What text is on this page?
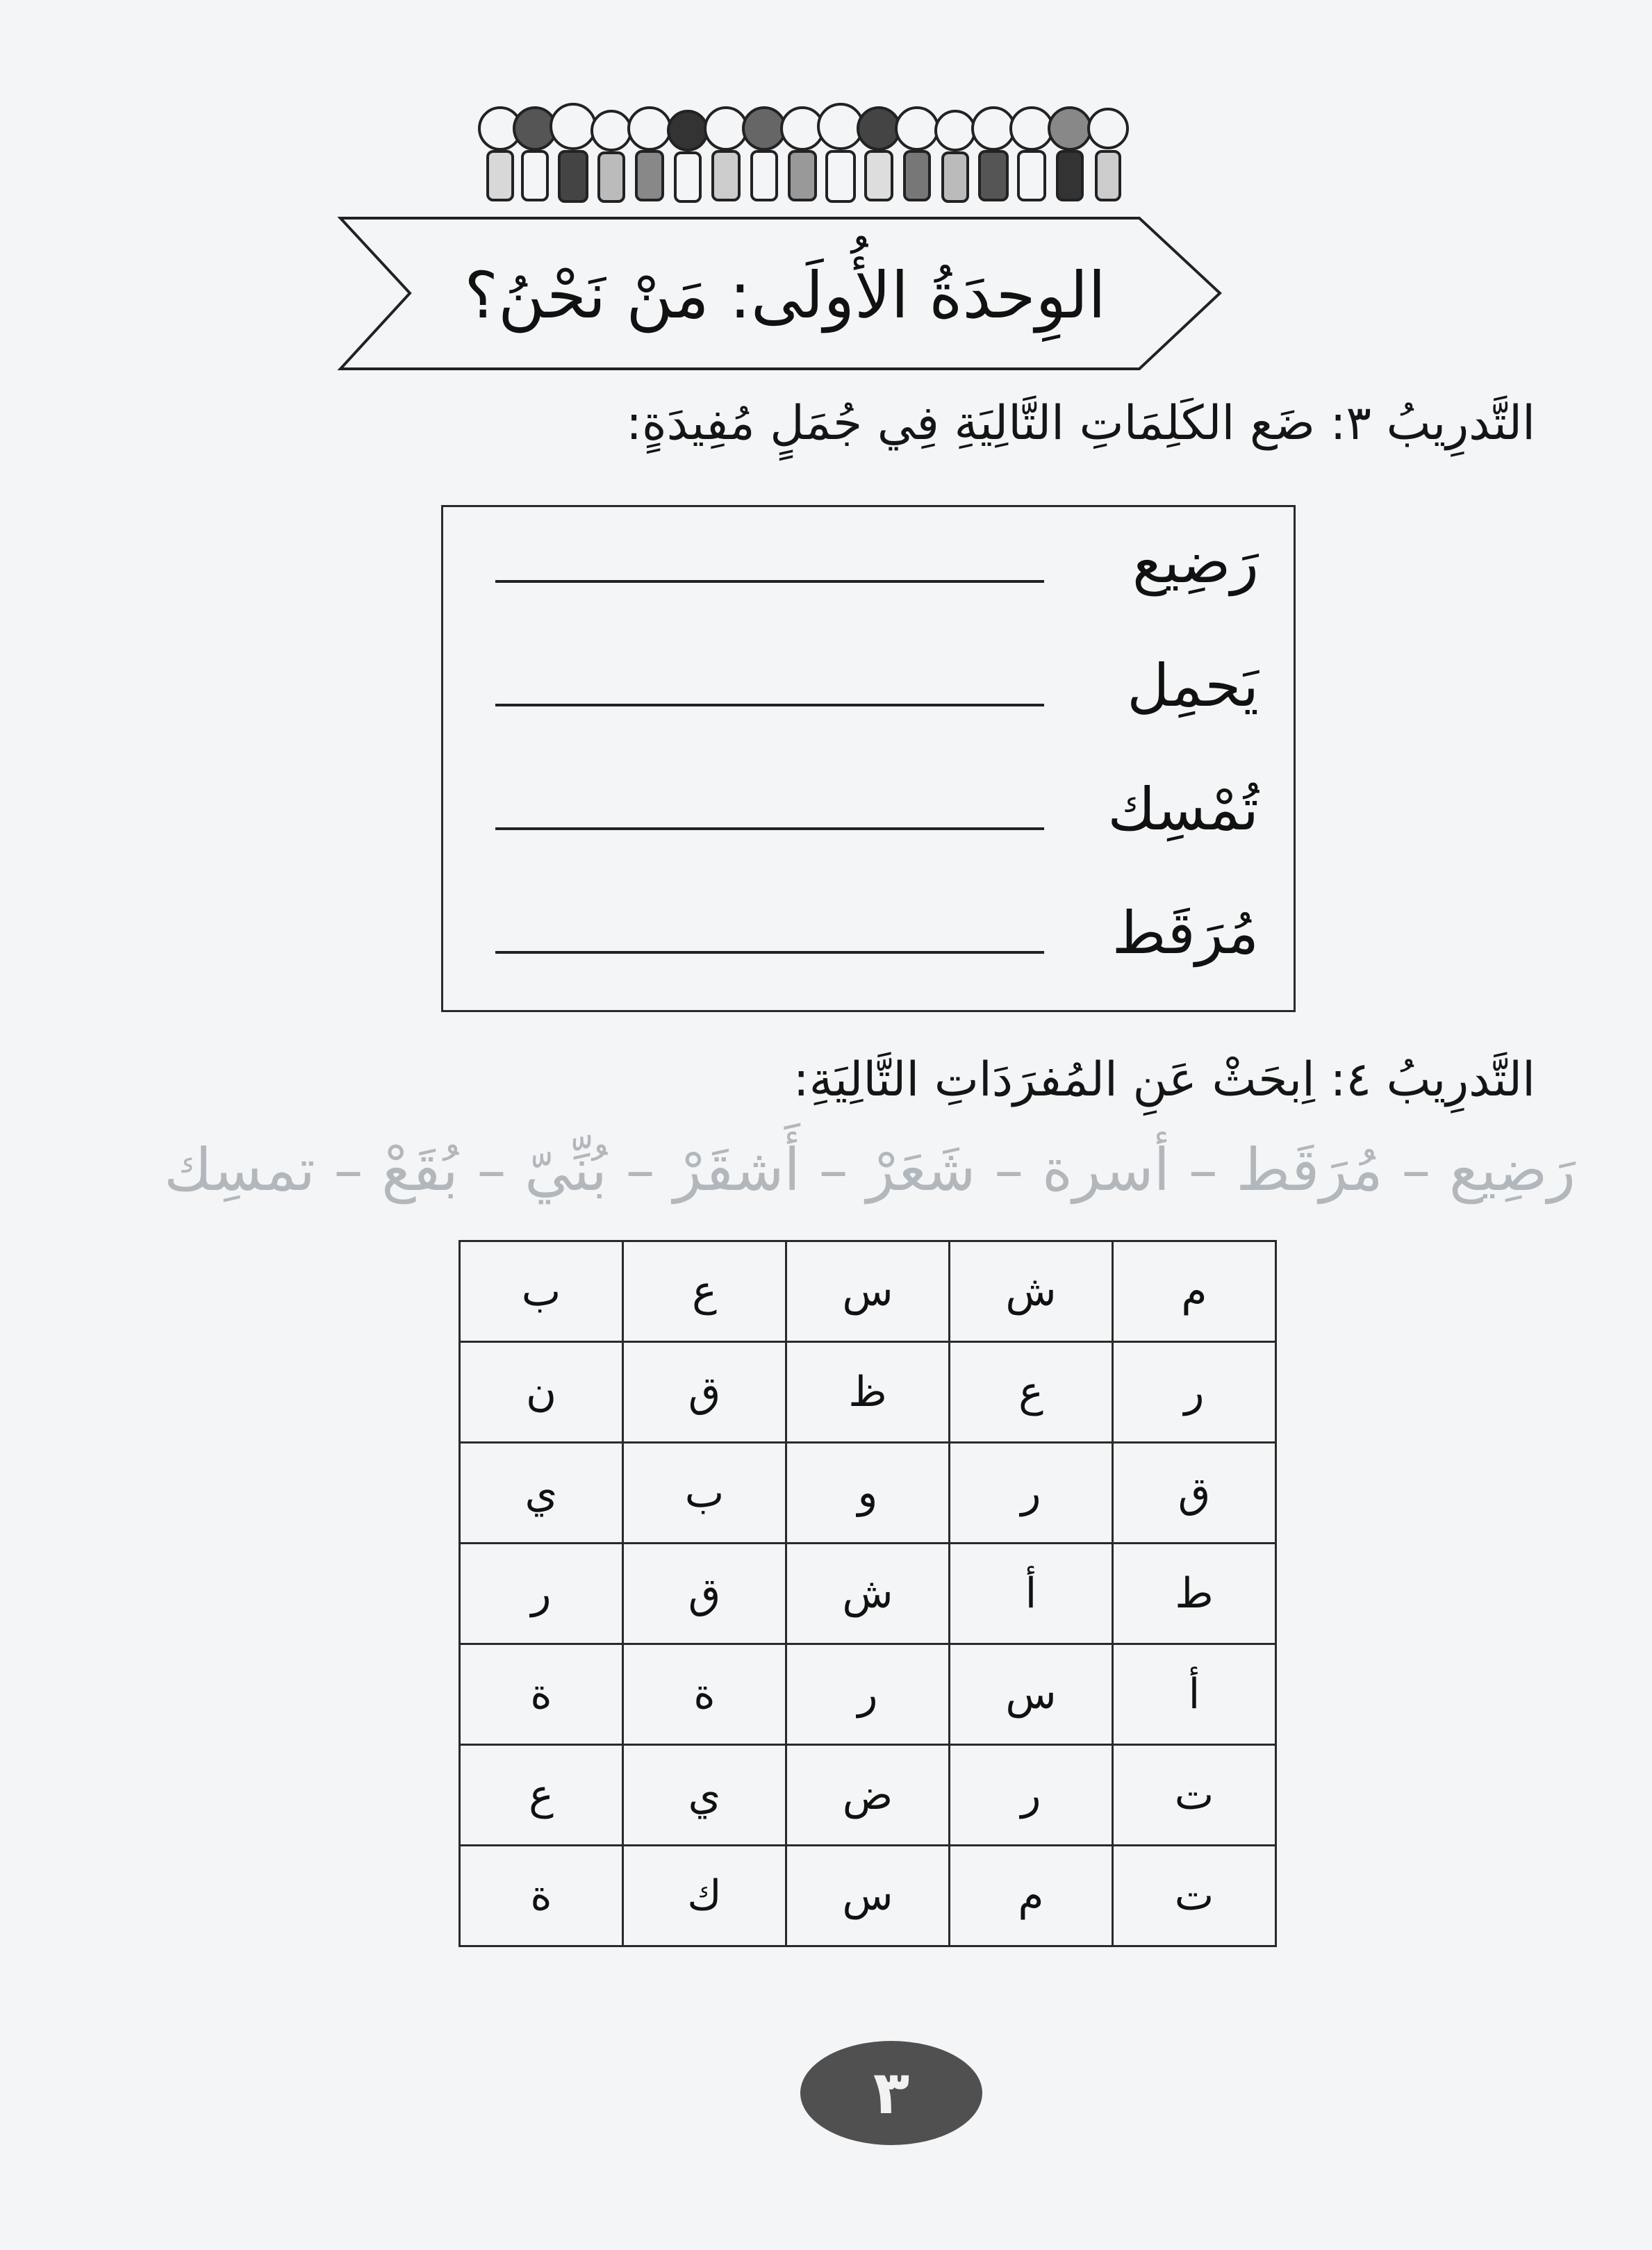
الوِحدَةُ الأُولَى: مَنْ نَحْنُ؟
التَّدرِيبُ ٣: ضَع الكَلِمَاتِ التَّالِيَةِ فِي جُمَلٍ مُفِيدَةٍ:
رَضِيع
يَحمِل
تُمْسِك
مُرَقَط
التَّدرِيبُ ٤: اِبحَثْ عَنِ المُفرَدَاتِ التَّالِيَةِ:
رَضِيع – مُرَقَط – أسرة – شَعَرْ – أَشقَرْ – بُنِّيّ – بُقَعْ – تمسِك
م	ش	س	ع	ب
ر	ع	ظ	ق	ن
ق	ر	و	ب	ي
ط	أ	ش	ق	ر
أ	س	ر	ة	ة
ت	ر	ض	ي	ع
ت	م	س	ك	ة
٣
